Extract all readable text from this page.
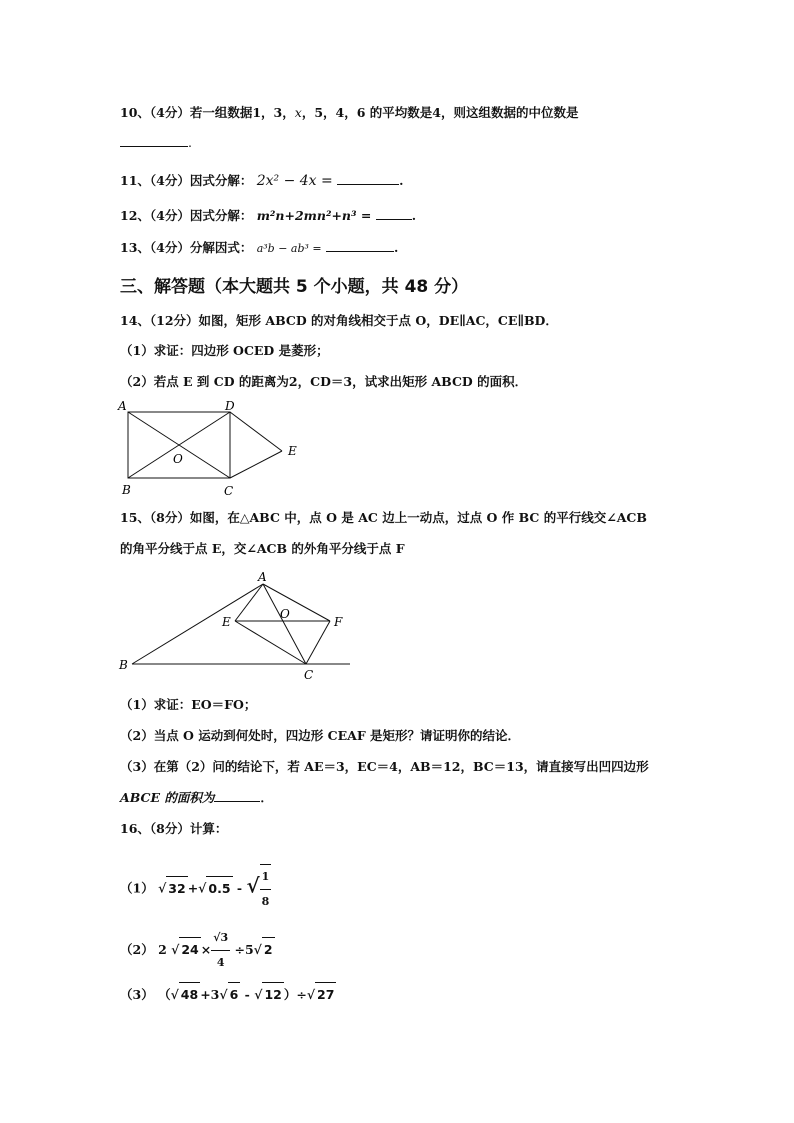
10、（4分）若一组数据1，3，x，5，4，6 的平均数是4，则这组数据的中位数是
.
11、（4分）因式分解： 2x² − 4x =	.
12、（4分）因式分解： m²n+2mn²+n³ =	.
13、（4分）分解因式： a³b − ab³ =	.
三、解答题（本大题共 5 个小题，共 48 分）
14、（12分）如图，矩形 ABCD 的对角线相交于点 O，DE∥AC，CE∥BD．
（1）求证：四边形 OCED 是菱形；
（2）若点 E 到 CD 的距离为2，CD＝3，试求出矩形 ABCD 的面积．
A	D
E
O
B	C
15、（8分）如图，在△ABC 中，点 O 是 AC 边上一动点，过点 O 作 BC 的平行线交∠ACB
的角平分线于点 E，交∠ACB 的外角平分线于点 F
A
E
O
F
B
C
（1）求证：EO＝FO；
（2）当点 O 运动到何处时，四边形 CEAF 是矩形？请证明你的结论．
（3）在第（2）问的结论下，若 AE＝3，EC＝4，AB＝12，BC＝13，请直接写出凹四边形
ABCE 的面积为	．
16、（8分）计算：
（1） √ 32 +√ 0.5 - √ $\frac{1}{8}$
（2） 2 √ $24 \times \frac{√3}{4} \div 5√$ 2
（3） （√ 48 +3√ 6 - √ 12 ）÷√ 27
